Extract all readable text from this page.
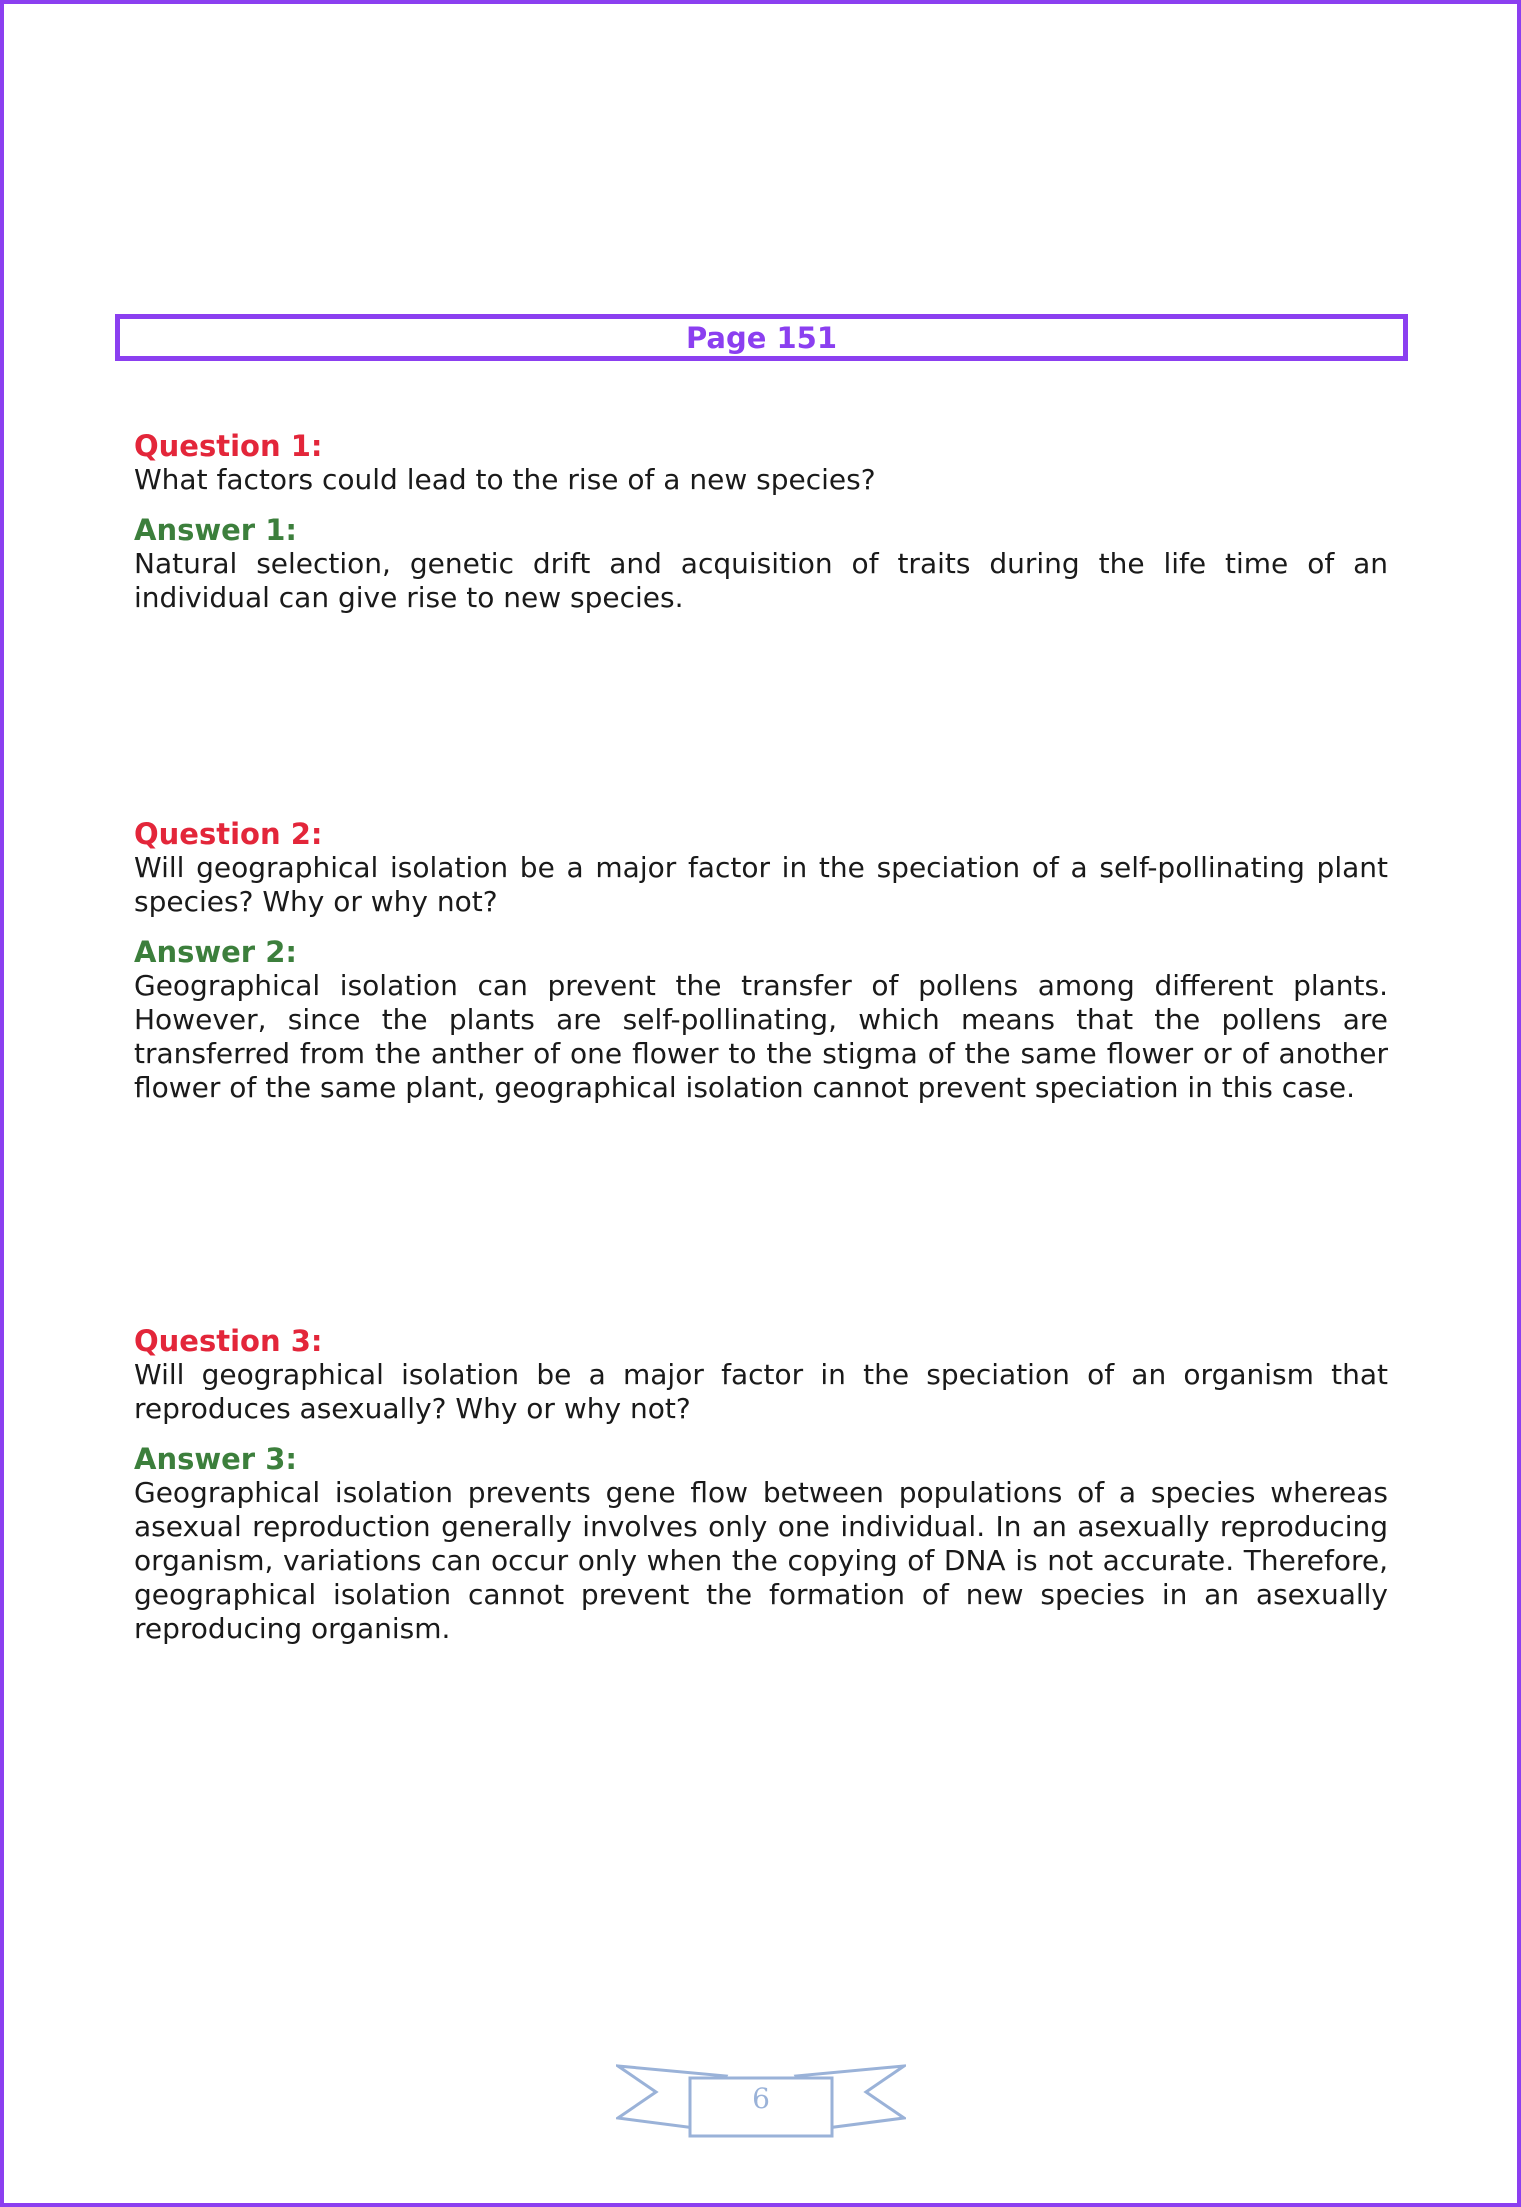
Page 151

Question 1:

What factors could lead to the rise of a new species?

Answer 1:

Natural selection, genetic drift and acquisition of traits during the life time of an individual can give rise to new species.

Question 2:

Will geographical isolation be a major factor in the speciation of a self-pollinating plant species? Why or why not?

Answer 2:

Geographical isolation can prevent the transfer of pollens among different plants. However, since the plants are self-pollinating, which means that the pollens are transferred from the anther of one flower to the stigma of the same flower or of another flower of the same plant, geographical isolation cannot prevent speciation in this case.

Question 3:

Will geographical isolation be a major factor in the speciation of an organism that reproduces asexually? Why or why not?

Answer 3:

Geographical isolation prevents gene flow between populations of a species whereas asexual reproduction generally involves only one individual. In an asexually reproducing organism, variations can occur only when the copying of DNA is not accurate. Therefore, geographical isolation cannot prevent the formation of new species in an asexually reproducing organism.

6
